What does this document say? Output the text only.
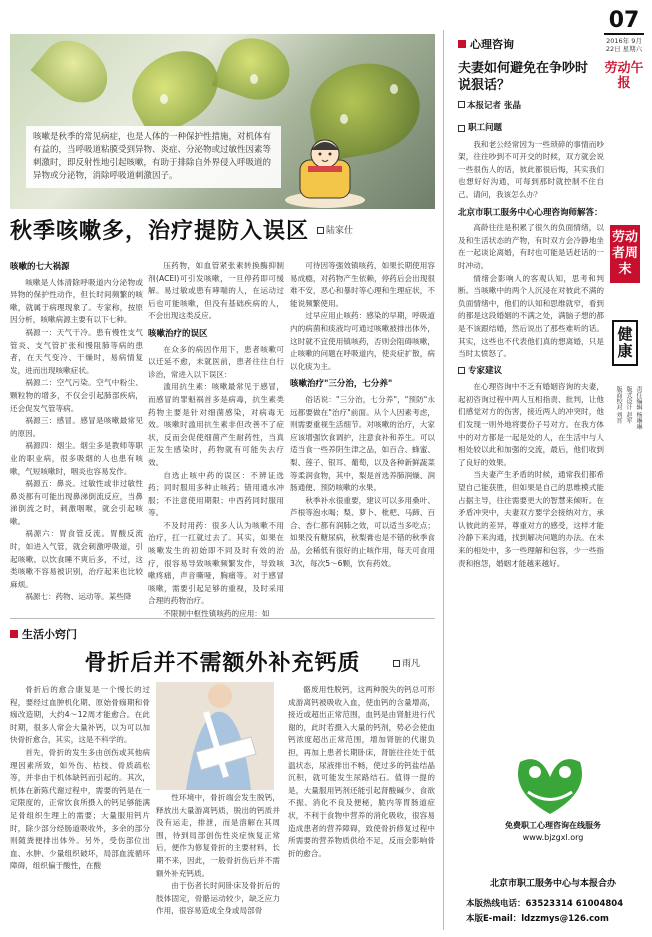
咳嗽是秋季的常见病症，也是人体的一种保护性措施，对机体有有益的，当呼吸道粘膜受到异物、炎症、分泌物或过敏性因素等刺激时，即反射性地引起咳嗽，有助于排除自外界侵入呼吸道的异物或分泌物，消除呼吸道刺激因子。
秋季咳嗽多，治疗提防入误区	陆家仕
咳嗽的七大祸源

咳嗽是人体清除呼吸道内分泌物或异物的保护性动作，但长时间频繁的咳嗽，就属于病理现象了。专家称，按原因分析，咳嗽病源主要有以下七种。

祸源一：天气干冷。患有慢性支气管炎、支气管扩张和慢阻肺等病的患者，在天气变冷、干燥时，易病情复发，进而出现咳嗽症状。

祸源二：空气污染。空气中粉尘、颗粒物的增多，不仅会引起肺部疾病，还会促发气管等病。

祸源三：感冒。感冒是咳嗽最常见的原因。

祸源四：烟尘。烟尘多是教师等职业的职业病，很多吸烟的人也患有咳嗽，气短咳嗽时，咽炎也容易发作。

祸源五：鼻炎。过敏性或非过敏性鼻炎都有可能出现鼻涕倒流反应，当鼻涕倒流之时，刺激咽喉，就会引起咳嗽。

祸源六：胃食管反流。胃酸反流时，如进入气管，就会刺激呼吸道，引起咳嗽。以饮食睡不爽后多，不过，这类咳嗽不容易被识别，治疗起来也比较麻烦。

祸源七：药物、运动等。某些降

压药物，如血管紧张素转换酶抑制剂(ACEI)可引发咳嗽，一旦停药即可缓解。易过敏或患有哮喘的人，在运动过后也可能咳嗽，但没有基础疾病的人，不会出现这类反应。

咳嗽治疗的误区

在众多的病因作用下，患者咳嗽可以迁延不愈，未就医前，患者往往自行诊治，常进入以下误区：

滥用抗生素：咳嗽最常见于感冒，而感冒的罪魁祸首多是病毒，抗生素类药物主要是针对细菌感染，对病毒无效。咳嗽时滥用抗生素非但改善不了症状，反而会促使细菌产生耐药性，当真正发生感染时，药物就有可能失去疗效。

自选止咳中药的误区：不辨证选药；同时服用多种止咳药；错用通水冲服；不注意使用期限；中西药同时服用等。

不及时用药：很多人认为咳嗽不用治疗，扛一扛就过去了。其实，如果在咳嗽发生的初始即不同及时有效的治疗，很容易导致咳嗽频繁发作，导致咳嗽疼痛，声音嘶哑，胸痛等。对于感冒咳嗽，需要引起足够的重视，及时采用合理的药物治疗。

不限制中枢性镇咳药的应用：如

可待因等强效镇咳药，如果长期使用容易成瘾，对药物产生依赖，停药后会出现很难不安，恶心和暴时等心理和生理症状，不能说频繁使用。

过早应用止咳药：感染的早期，呼吸道内的病菌和痰液均可通过咳嗽被排出体外，这时就不宜使用镇咳药，否则会阻碍咳嗽，止咳嗽的问题在呼吸道内，使炎症扩散，病以化痰为主。

咳嗽治疗"三分治，七分养"

俗话说："三分治，七分养"，"预防"永远都要做在"治疗"前面。从个人因素考虑，则需要重视生活细节。对咳嗽的治疗，大家应该增强饮食调护，注意食补和养生。可以适当食一些养阴生津之品，如百合、蜂蜜、梨、莲子、银耳、葡萄，以及各种新鲜蔬菜等柔润食物，其中，梨是首选养肺润燥、润肠通便、预防咳嗽的水果。

秋季补水很重要，建议可以多用桑叶、芦根等泡水喝；梨、萝卜、枇杷、马蹄、百合、杏仁都有润肺之效，可以适当多吃点；如果没有糖尿病，秋梨膏也是不错的秋季食品，会稀低有很好的止咳作用，每天可食用3次，每次5～6颗，饮有药效。

生活小窍门
骨折后并不需额外补充钙质	雨凡

骨折后的愈合康复是一个慢长的过程，要经过血肿机化期、原始骨痂期和骨痂改造期，大约4～12周才能愈合。在此时期，很多人常会大量补钙，以为可以加快骨折愈合，其实，这是不科学的。

首先，骨折的发生多由创伤或其他病理因素所致，如外伤、枯枝、骨质疏松等，并非由于机体缺钙而引起的。其次，机体在新陈代谢过程中，需要的钙是在一定限度的，正常饮食所摄入的钙足够能满足骨组织生理上的需要；大量服用钙片时，除少部分经肠道吸收外，多余的部分则随粪便排出体外。另外，受伤部位出血、水肿、少量组织破坏，局部血流循环障碍，组织偏于酸性，在酸

性环境中，骨折端会发生脱钙，释放出大量游离钙质，脱出的钙质并没有运走，排泄，而是溶解在其周围，待到局部创伤性炎症恢复正常后，便作为修复骨折的主要材料，长期不来，因此，一般骨折伤后并不需额外补充钙质。

由于伤者长时间卧床及骨折后的肢体固定，骨骼运动较少，缺乏应力作用，很容易造成全身或局部骨

骼废用性脱钙，这两种脱失的钙总可形成游离钙被吸收入血，使血钙的含量增高，接近或超出正常范围，血钙是由肾脏进行代谢的，此时若摄入大量的钙剂，势必会使血钙浓度超出正常范围，增加肾脏的代谢负担，再加上患者长期卧床，肾脏往往处于低温状态，尿液排出不畅，使过多的钙盐结晶沉积，就可能发生尿路结石。值得一提的是，大量服用钙剂还能引起肾酸碱少、食欲不振、消化不良及便秘，脆内等胃肠道症状，不利于食物中营养的消化吸收，很容易造成患者的营养障碍，致使骨折修复过程中所需要的营养物质供给不足，反而会影响骨折的愈合。

心理咨询
夫妻如何避免在争吵时说狠话？
本报记者 张晶
职工问题

我和老公经常因为一些琐碎的事情而吵架，往往吵到不可开交的时候，双方就会说一些很伤人的话，彼此都很后悔，其实我们也想好好沟通，可每到那时就控制不住自己。请问，我该怎么办？

北京市职工服务中心心理咨询师解答：

高龄往往是积累了很久的负面情绪，以及和生活状态的产物，有时双方会冷静地坐在一起谈论离婚，有时也可能是话赶话的一时冲动。

情绪会影响人的客观认知，思考和判断。当咳嗽中的两个人沉浸在对彼此不满的负面情绪中，他们的认知和思维就窄，看到的都是这段婚姻的不满之处，满脑子想的都是不该跟结婚，然后说出了那些难听的话。其实，这些也不代表他们真的想离婚，只是当时太愤怒了。

专家建议

在心理咨询中不乏有婚姻咨询的夫妻，起初咨询过程中两人互相指责、批判，让他们感觉对方的伤害，接近两人的冲突时，他们发现一则外地将要份子号对方。在我方体中的对方都是一起是处的人，在生活中与人相处较以此和加强的交流，最后，他们收到了良好的效果。

当夫妻产生矛盾的时候，通常我们都希望自己能获胜，但如果是自己的思维模式能占据主导，往往需要更大的智慧来倾听。在矛盾冲突中，夫妻双方要学会接纳对方，承认彼此的差异，尊重对方的感受，这样才能冷静下来沟通，找到解决问题的办法。在未来的相处中，多一些理解和包容，少一些指责和抱怨，婚姻才能越来越好。

免费职工心理咨询在线服务
www.bjzgxl.org
北京市职工服务中心与本报合办
本版热线电话：63523314 61004804
本版E-mail：ldzzmys@126.com
07
2016年 9月22日 星期六
劳动午报
劳动者周末
健康
责任编辑 杨琳琳
版式设计 赵军
版面校对 刘晋
